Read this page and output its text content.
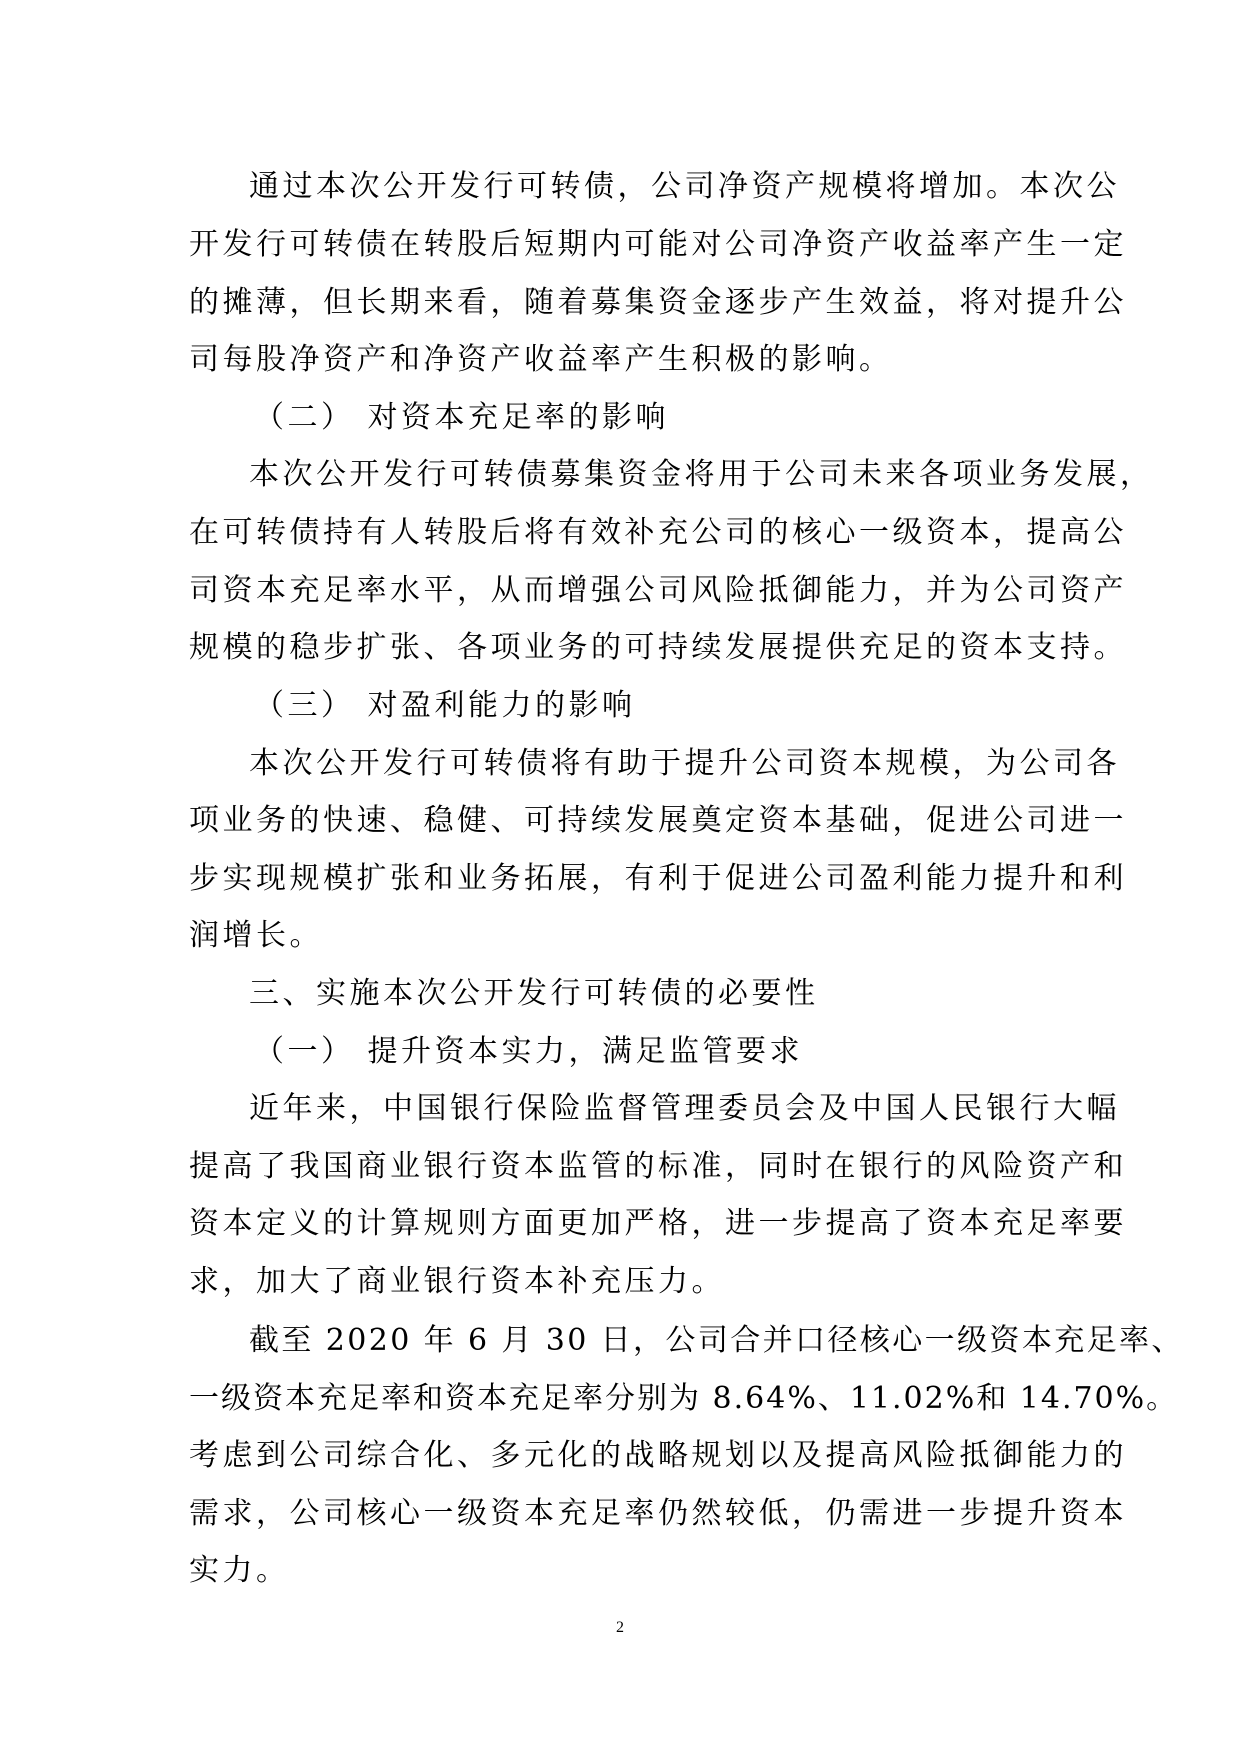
通过本次公开发行可转债，公司净资产规模将增加。本次公
开发行可转债在转股后短期内可能对公司净资产收益率产生一定
的摊薄，但长期来看，随着募集资金逐步产生效益，将对提升公
司每股净资产和净资产收益率产生积极的影响。
（二） 对资本充足率的影响
本次公开发行可转债募集资金将用于公司未来各项业务发展，
在可转债持有人转股后将有效补充公司的核心一级资本，提高公
司资本充足率水平，从而增强公司风险抵御能力，并为公司资产
规模的稳步扩张、各项业务的可持续发展提供充足的资本支持。
（三） 对盈利能力的影响
本次公开发行可转债将有助于提升公司资本规模，为公司各
项业务的快速、稳健、可持续发展奠定资本基础，促进公司进一
步实现规模扩张和业务拓展，有利于促进公司盈利能力提升和利
润增长。
三、实施本次公开发行可转债的必要性
（一） 提升资本实力，满足监管要求
近年来，中国银行保险监督管理委员会及中国人民银行大幅
提高了我国商业银行资本监管的标准，同时在银行的风险资产和
资本定义的计算规则方面更加严格，进一步提高了资本充足率要
求，加大了商业银行资本补充压力。
截至 2020 年 6 月 30 日，公司合并口径核心一级资本充足率、
一级资本充足率和资本充足率分别为 8.64%、11.02%和 14.70%。
考虑到公司综合化、多元化的战略规划以及提高风险抵御能力的
需求，公司核心一级资本充足率仍然较低，仍需进一步提升资本
实力。
2
